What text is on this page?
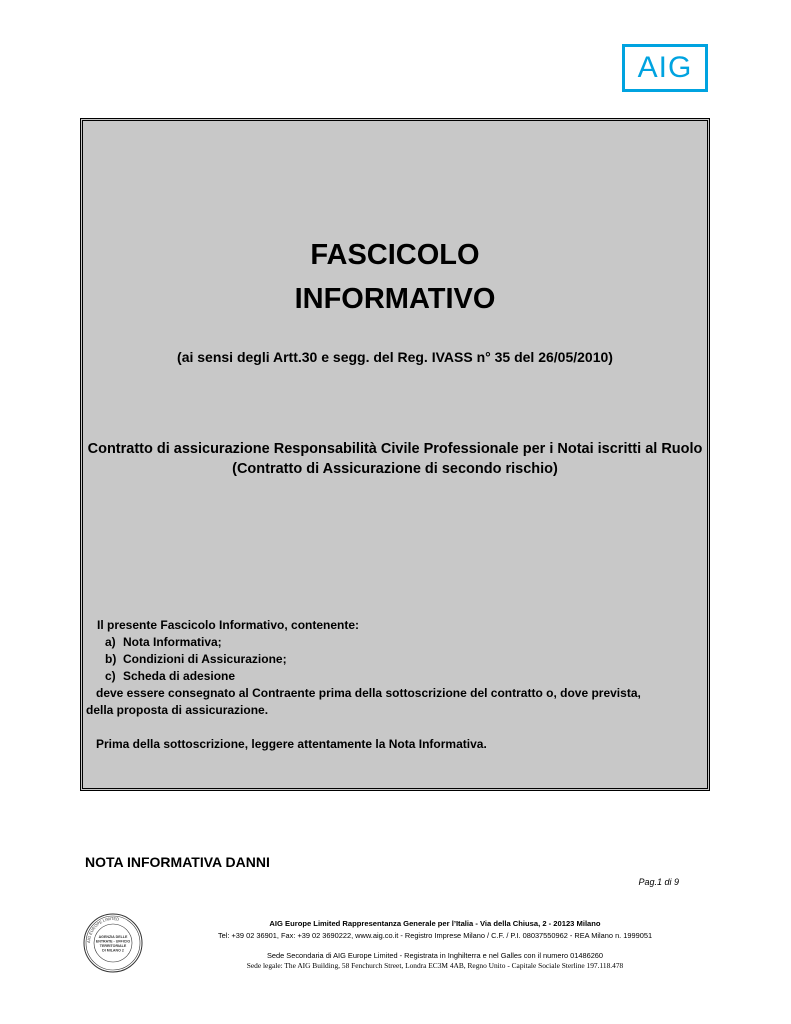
AIG
FASCICOLO
INFORMATIVO
(ai sensi degli Artt.30 e segg. del Reg. IVASS n° 35 del 26/05/2010)
Contratto di assicurazione Responsabilità Civile Professionale per i Notai iscritti al Ruolo
(Contratto di Assicurazione di secondo rischio)
Il presente Fascicolo Informativo, contenente:
a) Nota Informativa;
b) Condizioni di Assicurazione;
c) Scheda di adesione
deve essere consegnato al Contraente prima della sottoscrizione del contratto o, dove prevista,
della proposta di assicurazione.
Prima della sottoscrizione, leggere attentamente la Nota Informativa.
NOTA INFORMATIVA DANNI
Pag.1 di 9
AIG EUROPE LIMITED
AGENZIA DELLE
ENTRATE - UFFICIO
TERRITORIALE
DI MILANO 2
AIG Europe Limited Rappresentanza Generale per l’Italia - Via della Chiusa, 2 - 20123 Milano
Tel: +39 02 36901, Fax: +39 02 3690222, www.aig.co.it - Registro Imprese Milano / C.F. / P.I. 08037550962 - REA Milano n. 1999051
Sede Secondaria di AIG Europe Limited - Registrata in Inghilterra e nel Galles con il numero 01486260
Sede legale: The AIG Building, 58 Fenchurch Street, Londra EC3M 4AB, Regno Unito - Capitale Sociale Sterline 197.118.478
